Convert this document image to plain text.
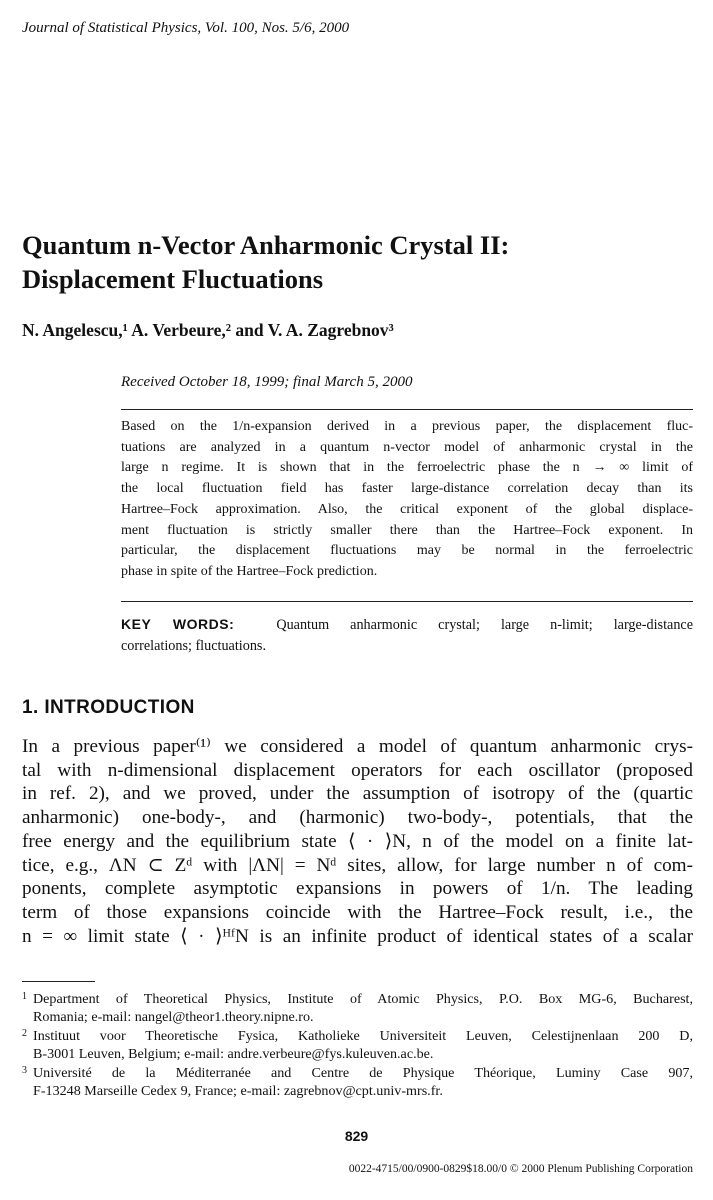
Journal of Statistical Physics, Vol. 100, Nos. 5/6, 2000
Quantum n-Vector Anharmonic Crystal II:
Displacement Fluctuations
N. Angelescu,¹ A. Verbeure,² and V. A. Zagrebnov³
Received October 18, 1999; final March 5, 2000
Based on the 1/n-expansion derived in a previous paper, the displacement fluc-
tuations are analyzed in a quantum n-vector model of anharmonic crystal in the
large n regime. It is shown that in the ferroelectric phase the n → ∞ limit of
the local fluctuation field has faster large-distance correlation decay than its
Hartree–Fock approximation. Also, the critical exponent of the global displace-
ment fluctuation is strictly smaller there than the Hartree–Fock exponent. In
particular, the displacement fluctuations may be normal in the ferroelectric
phase in spite of the Hartree–Fock prediction.
KEY WORDS:	Quantum anharmonic crystal; large n-limit; large-distance
correlations; fluctuations.
1. INTRODUCTION
In a previous paper⁽¹⁾ we considered a model of quantum anharmonic crys-
tal with n-dimensional displacement operators for each oscillator (proposed
in ref. 2), and we proved, under the assumption of isotropy of the (quartic
anharmonic) one-body-, and (harmonic) two-body-, potentials, that the
free energy and the equilibrium state ⟨ · ⟩N, n of the model on a finite lat-
tice, e.g., ΛN ⊂ Zᵈ with |ΛN| = Nᵈ sites, allow, for large number n of com-
ponents, complete asymptotic expansions in powers of 1/n. The leading
term of those expansions coincide with the Hartree–Fock result, i.e., the
n = ∞ limit state ⟨ · ⟩ᴴᶠN is an infinite product of identical states of a scalar
1 Department of Theoretical Physics, Institute of Atomic Physics, P.O. Box MG-6, Bucharest,
Romania; e-mail: nangel@theor1.theory.nipne.ro.
2 Instituut voor Theoretische Fysica, Katholieke Universiteit Leuven, Celestijnenlaan 200 D,
B-3001 Leuven, Belgium; e-mail: andre.verbeure@fys.kuleuven.ac.be.
3 Université de la Méditerranée and Centre de Physique Théorique, Luminy Case 907,
F-13248 Marseille Cedex 9, France; e-mail: zagrebnov@cpt.univ-mrs.fr.
829
0022-4715/00/0900-0829$18.00/0 © 2000 Plenum Publishing Corporation
